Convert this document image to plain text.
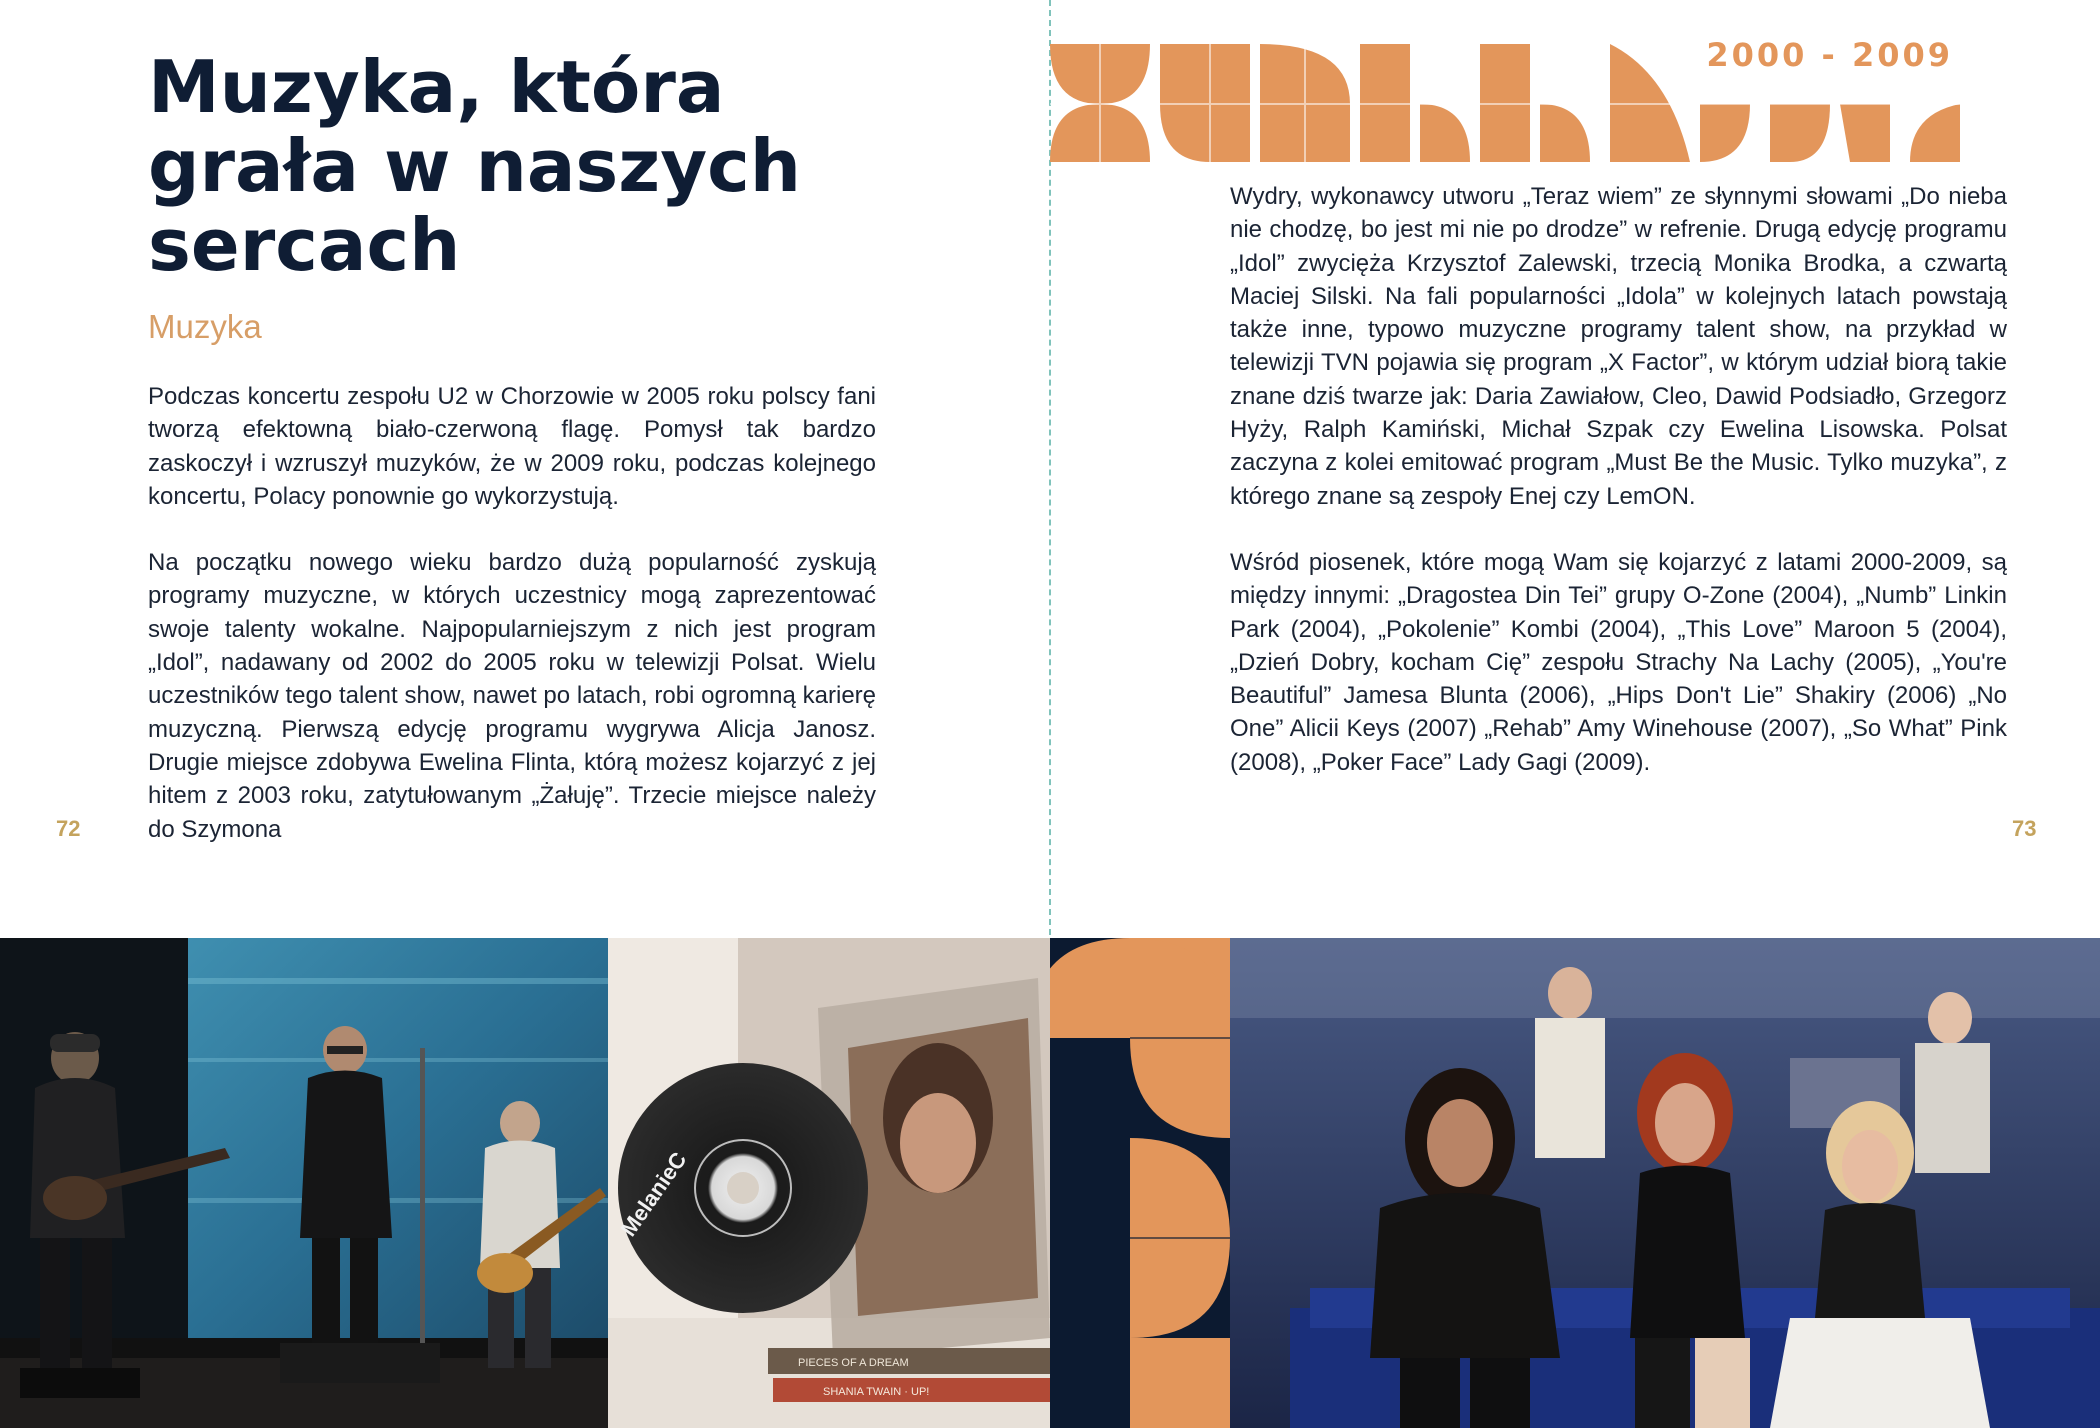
Muzyka, która
grała w naszych
sercach
Muzyka

Podczas koncertu zespołu U2 w Chorzowie w 2005 roku polscy fani tworzą efektowną biało-czerwoną flagę. Pomysł tak bardzo zaskoczył i wzruszył muzyków, że w 2009 roku, podczas kolejnego koncertu, Polacy ponownie go wykorzystują.

Na początku nowego wieku bardzo dużą popularność zyskują programy muzyczne, w których uczestnicy mogą zaprezentować swoje talenty wokalne. Najpopularniejszym z nich jest program „Idol”, nadawany od 2002 do 2005 roku w telewizji Polsat. Wielu uczestników tego talent show, nawet po latach, robi ogromną karierę muzyczną. Pierwszą edycję programu wygrywa Alicja Janosz. Drugie miejsce zdobywa Ewelina Flinta, którą możesz kojarzyć z jej hitem z 2003 roku, zatytułowanym „Żałuję”. Trzecie miejsce należy do Szymona

72
MelanieC
PIECES OF A DREAM
SHANIA TWAIN · UP!
2000 - 2009

Wydry, wykonawcy utworu „Teraz wiem” ze słynnymi słowami „Do nieba nie chodzę, bo jest mi nie po drodze” w refrenie. Drugą edycję programu „Idol” zwycięża Krzysztof Zalewski, trzecią Monika Brodka, a czwartą Maciej Silski. Na fali popularności „Idola” w kolejnych latach powstają także inne, typowo muzyczne programy talent show, na przykład w telewizji TVN pojawia się program „X Factor”, w którym udział biorą takie znane dziś twarze jak: Daria Zawiałow, Cleo, Dawid Podsiadło, Grzegorz Hyży, Ralph Kamiński, Michał Szpak czy Ewelina Lisowska. Polsat zaczyna z kolei emitować program „Must Be the Music. Tylko muzyka”, z którego znane są zespoły Enej czy LemON.

Wśród piosenek, które mogą Wam się kojarzyć z latami 2000-2009, są między innymi: „Dragostea Din Tei” grupy O-Zone (2004), „Numb” Linkin Park (2004), „Pokolenie” Kombi (2004), „This Love” Maroon 5 (2004), „Dzień Dobry, kocham Cię” zespołu Strachy Na Lachy (2005), „You're Beautiful” Jamesa Blunta (2006), „Hips Don't Lie” Shakiry (2006) „No One” Alicii Keys (2007) „Rehab” Amy Winehouse (2007), „So What” Pink (2008), „Poker Face” Lady Gagi (2009).

73
